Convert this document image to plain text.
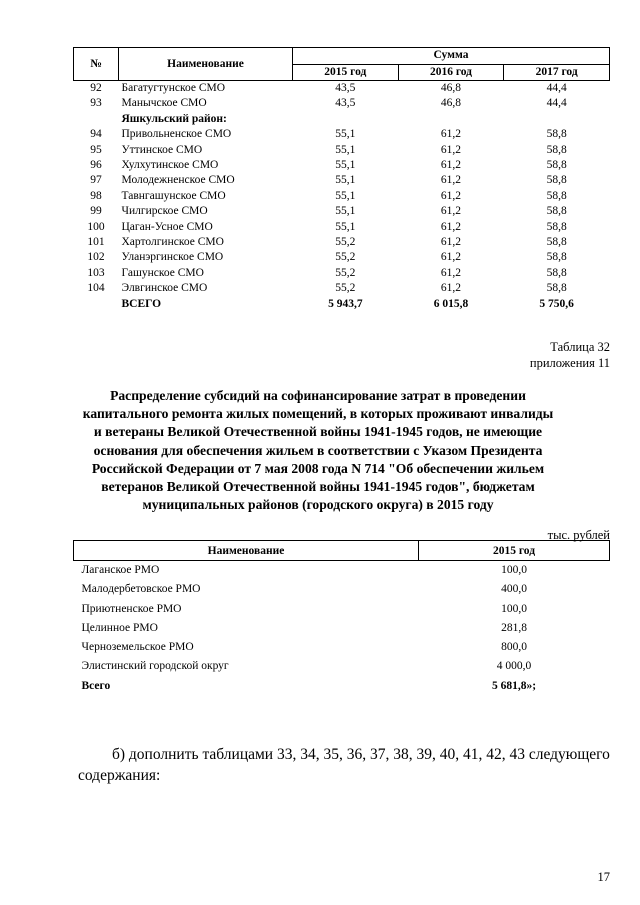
№	Наименование	Сумма		
		2015 год	2016 год	2017 год
92	Багатугтунское СМО	43,5	46,8	44,4
93	Манычское СМО	43,5	46,8	44,4
	Яшкульский район:			
94	Привольненское СМО	55,1	61,2	58,8
95	Уттинское СМО	55,1	61,2	58,8
96	Хулхутинское СМО	55,1	61,2	58,8
97	Молодежненское СМО	55,1	61,2	58,8
98	Тавнгашунское СМО	55,1	61,2	58,8
99	Чилгирское СМО	55,1	61,2	58,8
100	Цаган-Усное СМО	55,1	61,2	58,8
101	Хартолгинское СМО	55,2	61,2	58,8
102	Уланэргинское СМО	55,2	61,2	58,8
103	Гашунское СМО	55,2	61,2	58,8
104	Элвгинское СМО	55,2	61,2	58,8
	ВСЕГО	5 943,7	6 015,8	5 750,6
Таблица 32
приложения 11
Распределение субсидий на софинансирование затрат в проведении капитального ремонта жилых помещений, в которых проживают инвалиды и ветераны Великой Отечественной войны 1941-1945 годов, не имеющие основания для обеспечения жильем в соответствии с Указом Президента Российской Федерации от 7 мая 2008 года N 714 "Об обеспечении жильем ветеранов Великой Отечественной войны 1941-1945 годов", бюджетам муниципальных районов (городского округа) в 2015 году
тыс. рублей
Наименование	2015 год
Лаганское РМО	100,0
Малодербетовское РМО	400,0
Приютненское РМО	100,0
Целинное РМО	281,8
Черноземельское РМО	800,0
Элистинский городской округ	4 000,0
Всего	5 681,8»;
б) дополнить таблицами 33, 34, 35, 36, 37, 38, 39, 40, 41, 42, 43 следующего содержания:
17
